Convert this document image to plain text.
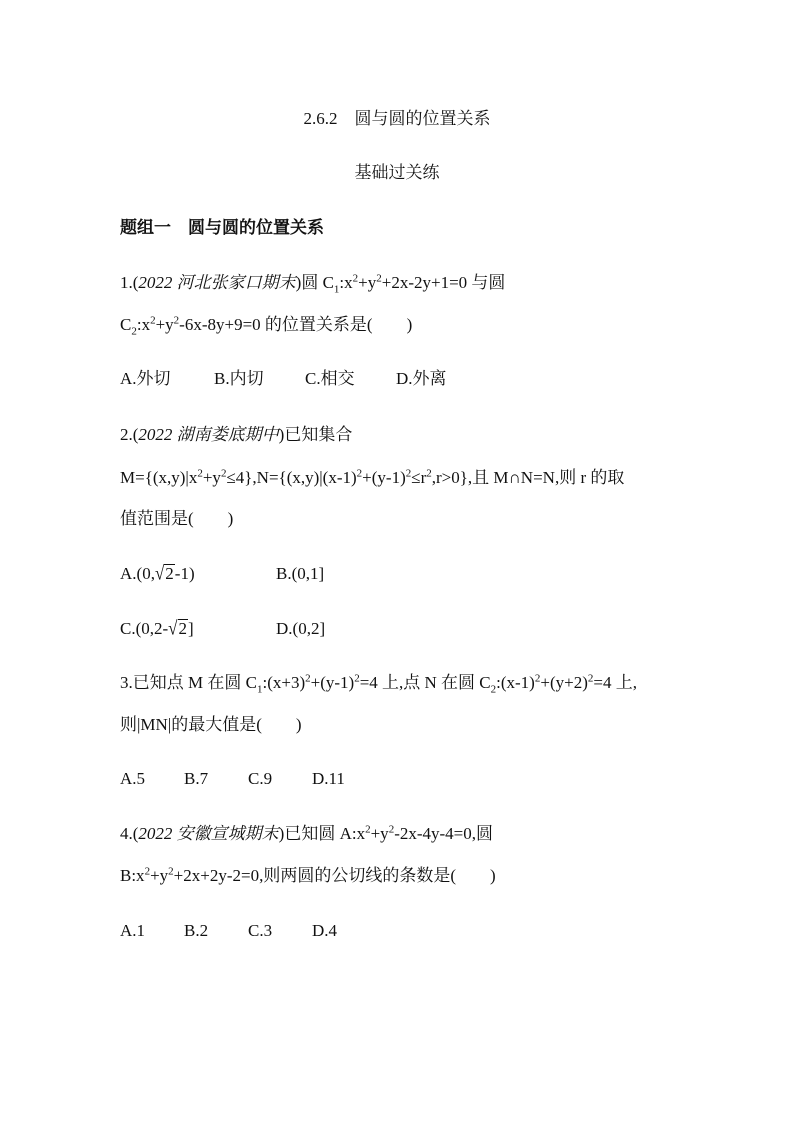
2.6.2　圆与圆的位置关系
基础过关练
题组一　圆与圆的位置关系
1.(2022 河北张家口期末)圆 $C_1:x^2+y^2+2x-2y+1=0$ 与圆
$C_2:x^2+y^2-6x-8y+9=0$ 的位置关系是(　　)
A.外切	B.内切 C.相交 D.外离
2.(2022 湖南娄底期中)已知集合
$M=\{(x,y)|x^2+y^2\le 4\},N=\{(x,y)|(x-1)^2+(y-1)^2\le r^2,r>0\}$,且 M∩N=N,则 r 的取
值范围是(　　)
A.(0,√2-1)	B.(0,1]
C.(0,2-√2]	D.(0,2]
3.已知点 M 在圆 $C_1:(x+3)^2+(y-1)^2=4$ 上,点 N 在圆 $C_2:(x-1)^2+(y+2)^2=4$ 上,
则|MN|的最大值是(　　)
A.5 B.7 C.9 D.11
4.(2022 安徽宣城期末)已知圆 $A:x^2+y^2-2x-4y-4=0$,圆
$B:x^2+y^2+2x+2y-2=0$,则两圆的公切线的条数是(　　)
A.1 B.2 C.3 D.4
